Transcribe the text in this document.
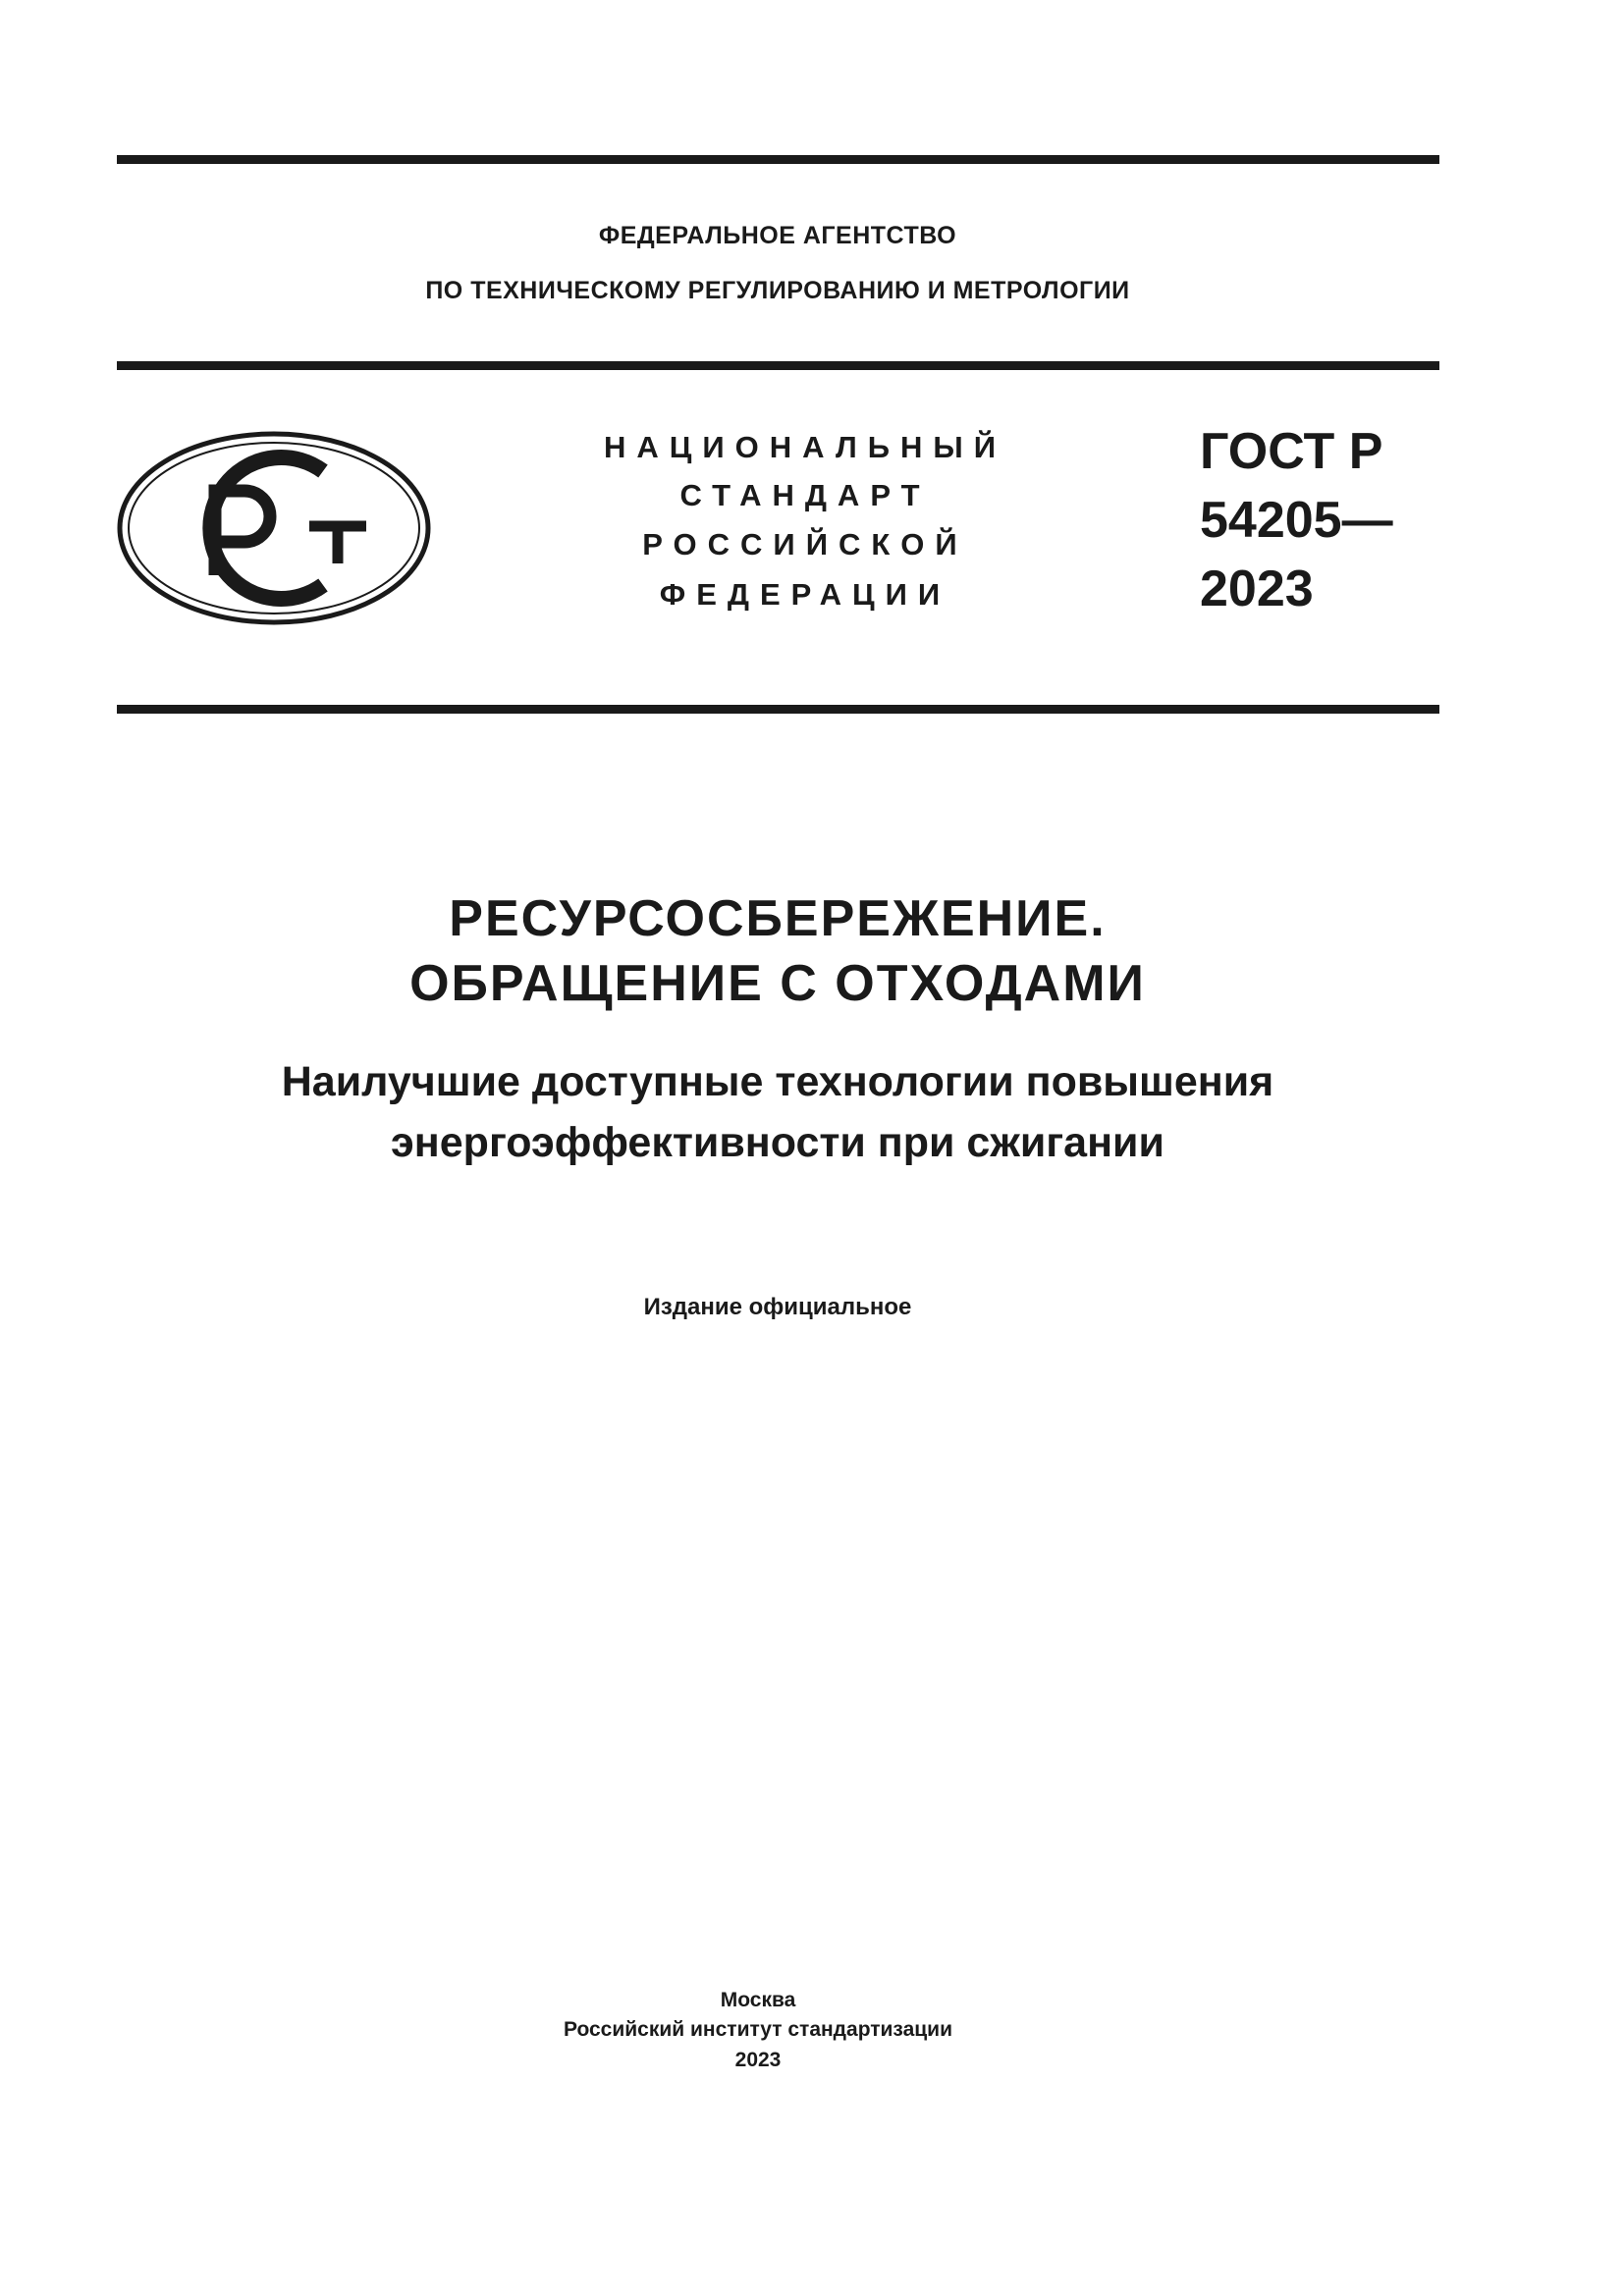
ФЕДЕРАЛЬНОЕ АГЕНТСТВО
ПО ТЕХНИЧЕСКОМУ РЕГУЛИРОВАНИЮ И МЕТРОЛОГИИ
НАЦИОНАЛЬНЫЙ
СТАНДАРТ
РОССИЙСКОЙ
ФЕДЕРАЦИИ
ГОСТ Р
54205—
2023
РЕСУРСОСБЕРЕЖЕНИЕ.
ОБРАЩЕНИЕ С ОТХОДАМИ
Наилучшие доступные технологии повышения
энергоэффективности при сжигании
Издание официальное
Москва
Российский институт стандартизации
2023
